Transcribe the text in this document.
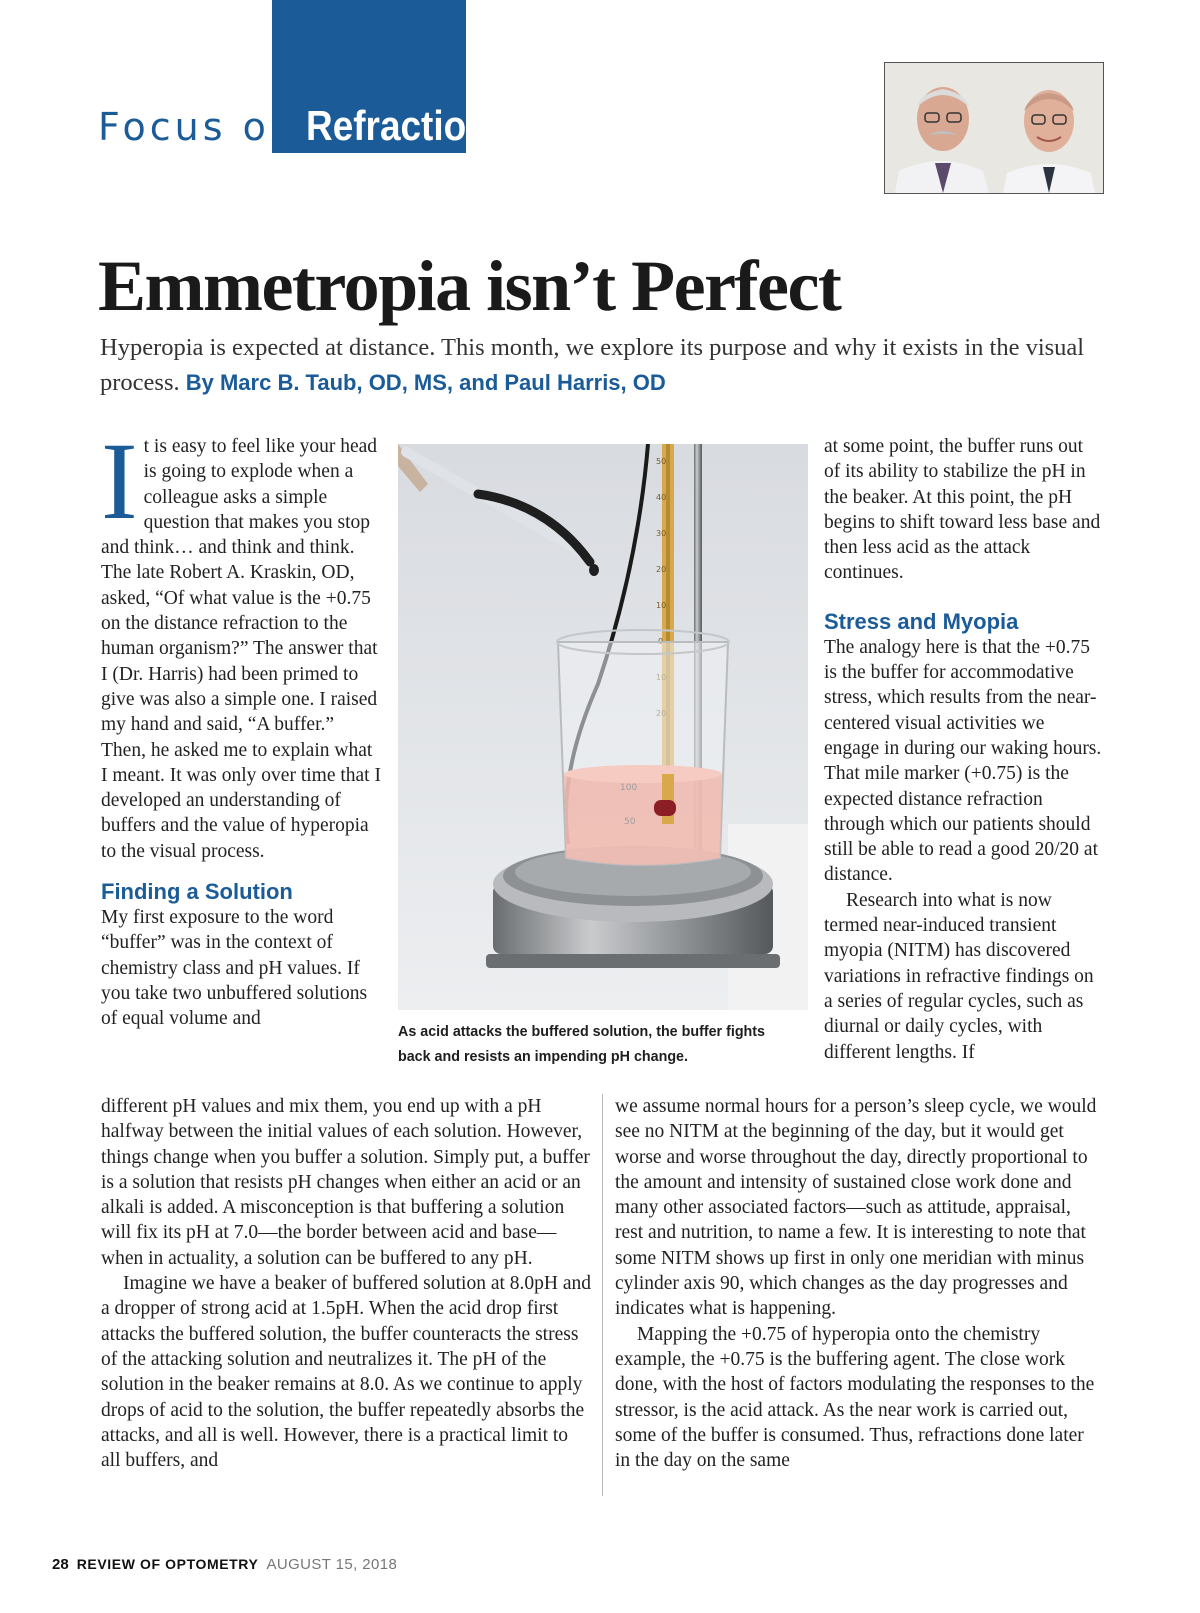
Focus on Refraction
Emmetropia isn’t Perfect
Hyperopia is expected at distance. This month, we explore its purpose and why it exists in the visual process. By Marc B. Taub, OD, MS, and Paul Harris, OD

It is easy to feel like your head is going to explode when a colleague asks a simple question that makes you stop and think… and think and think. The late Robert A. Kraskin, OD, asked, “Of what value is the +0.75 on the distance refraction to the human organism?” The answer that I (Dr. Harris) had been primed to give was also a simple one. I raised my hand and said, “A buffer.” Then, he asked me to explain what I meant. It was only over time that I developed an understanding of buffers and the value of hyperopia to the visual process.

Finding a Solution

My first exposure to the word “buffer” was in the context of chemistry class and pH values. If you take two unbuffered solutions of equal volume and

50
40
30
20
10
100
50
As acid attacks the buffered solution, the buffer fights back and resists an impending pH change.

at some point, the buffer runs out of its ability to stabilize the pH in the beaker. At this point, the pH begins to shift toward less base and then less acid as the attack continues.

Stress and Myopia

The analogy here is that the +0.75 is the buffer for accommodative stress, which results from the near-centered visual activities we engage in during our waking hours. That mile marker (+0.75) is the expected distance refraction through which our patients should still be able to read a good 20/20 at distance.

Research into what is now termed near-induced transient myopia (NITM) has discovered variations in refractive findings on a series of regular cycles, such as diurnal or daily cycles, with different lengths. If

different pH values and mix them, you end up with a pH halfway between the initial values of each solution. However, things change when you buffer a solution. Simply put, a buffer is a solution that resists pH changes when either an acid or an alkali is added. A misconception is that buffering a solution will fix its pH at 7.0—the border between acid and base—when in actuality, a solution can be buffered to any pH.

Imagine we have a beaker of buffered solution at 8.0pH and a dropper of strong acid at 1.5pH. When the acid drop first attacks the buffered solution, the buffer counteracts the stress of the attacking solution and neutralizes it. The pH of the solution in the beaker remains at 8.0. As we continue to apply drops of acid to the solution, the buffer repeatedly absorbs the attacks, and all is well. However, there is a practical limit to all buffers, and

we assume normal hours for a person’s sleep cycle, we would see no NITM at the beginning of the day, but it would get worse and worse throughout the day, directly proportional to the amount and intensity of sustained close work done and many other associated factors—such as attitude, appraisal, rest and nutrition, to name a few. It is interesting to note that some NITM shows up first in only one meridian with minus cylinder axis 90, which changes as the day progresses and indicates what is happening.

Mapping the +0.75 of hyperopia onto the chemistry example, the +0.75 is the buffering agent. The close work done, with the host of factors modulating the responses to the stressor, is the acid attack. As the near work is carried out, some of the buffer is consumed. Thus, refractions done later in the day on the same

28 REVIEW OF OPTOMETRY AUGUST 15, 2018
